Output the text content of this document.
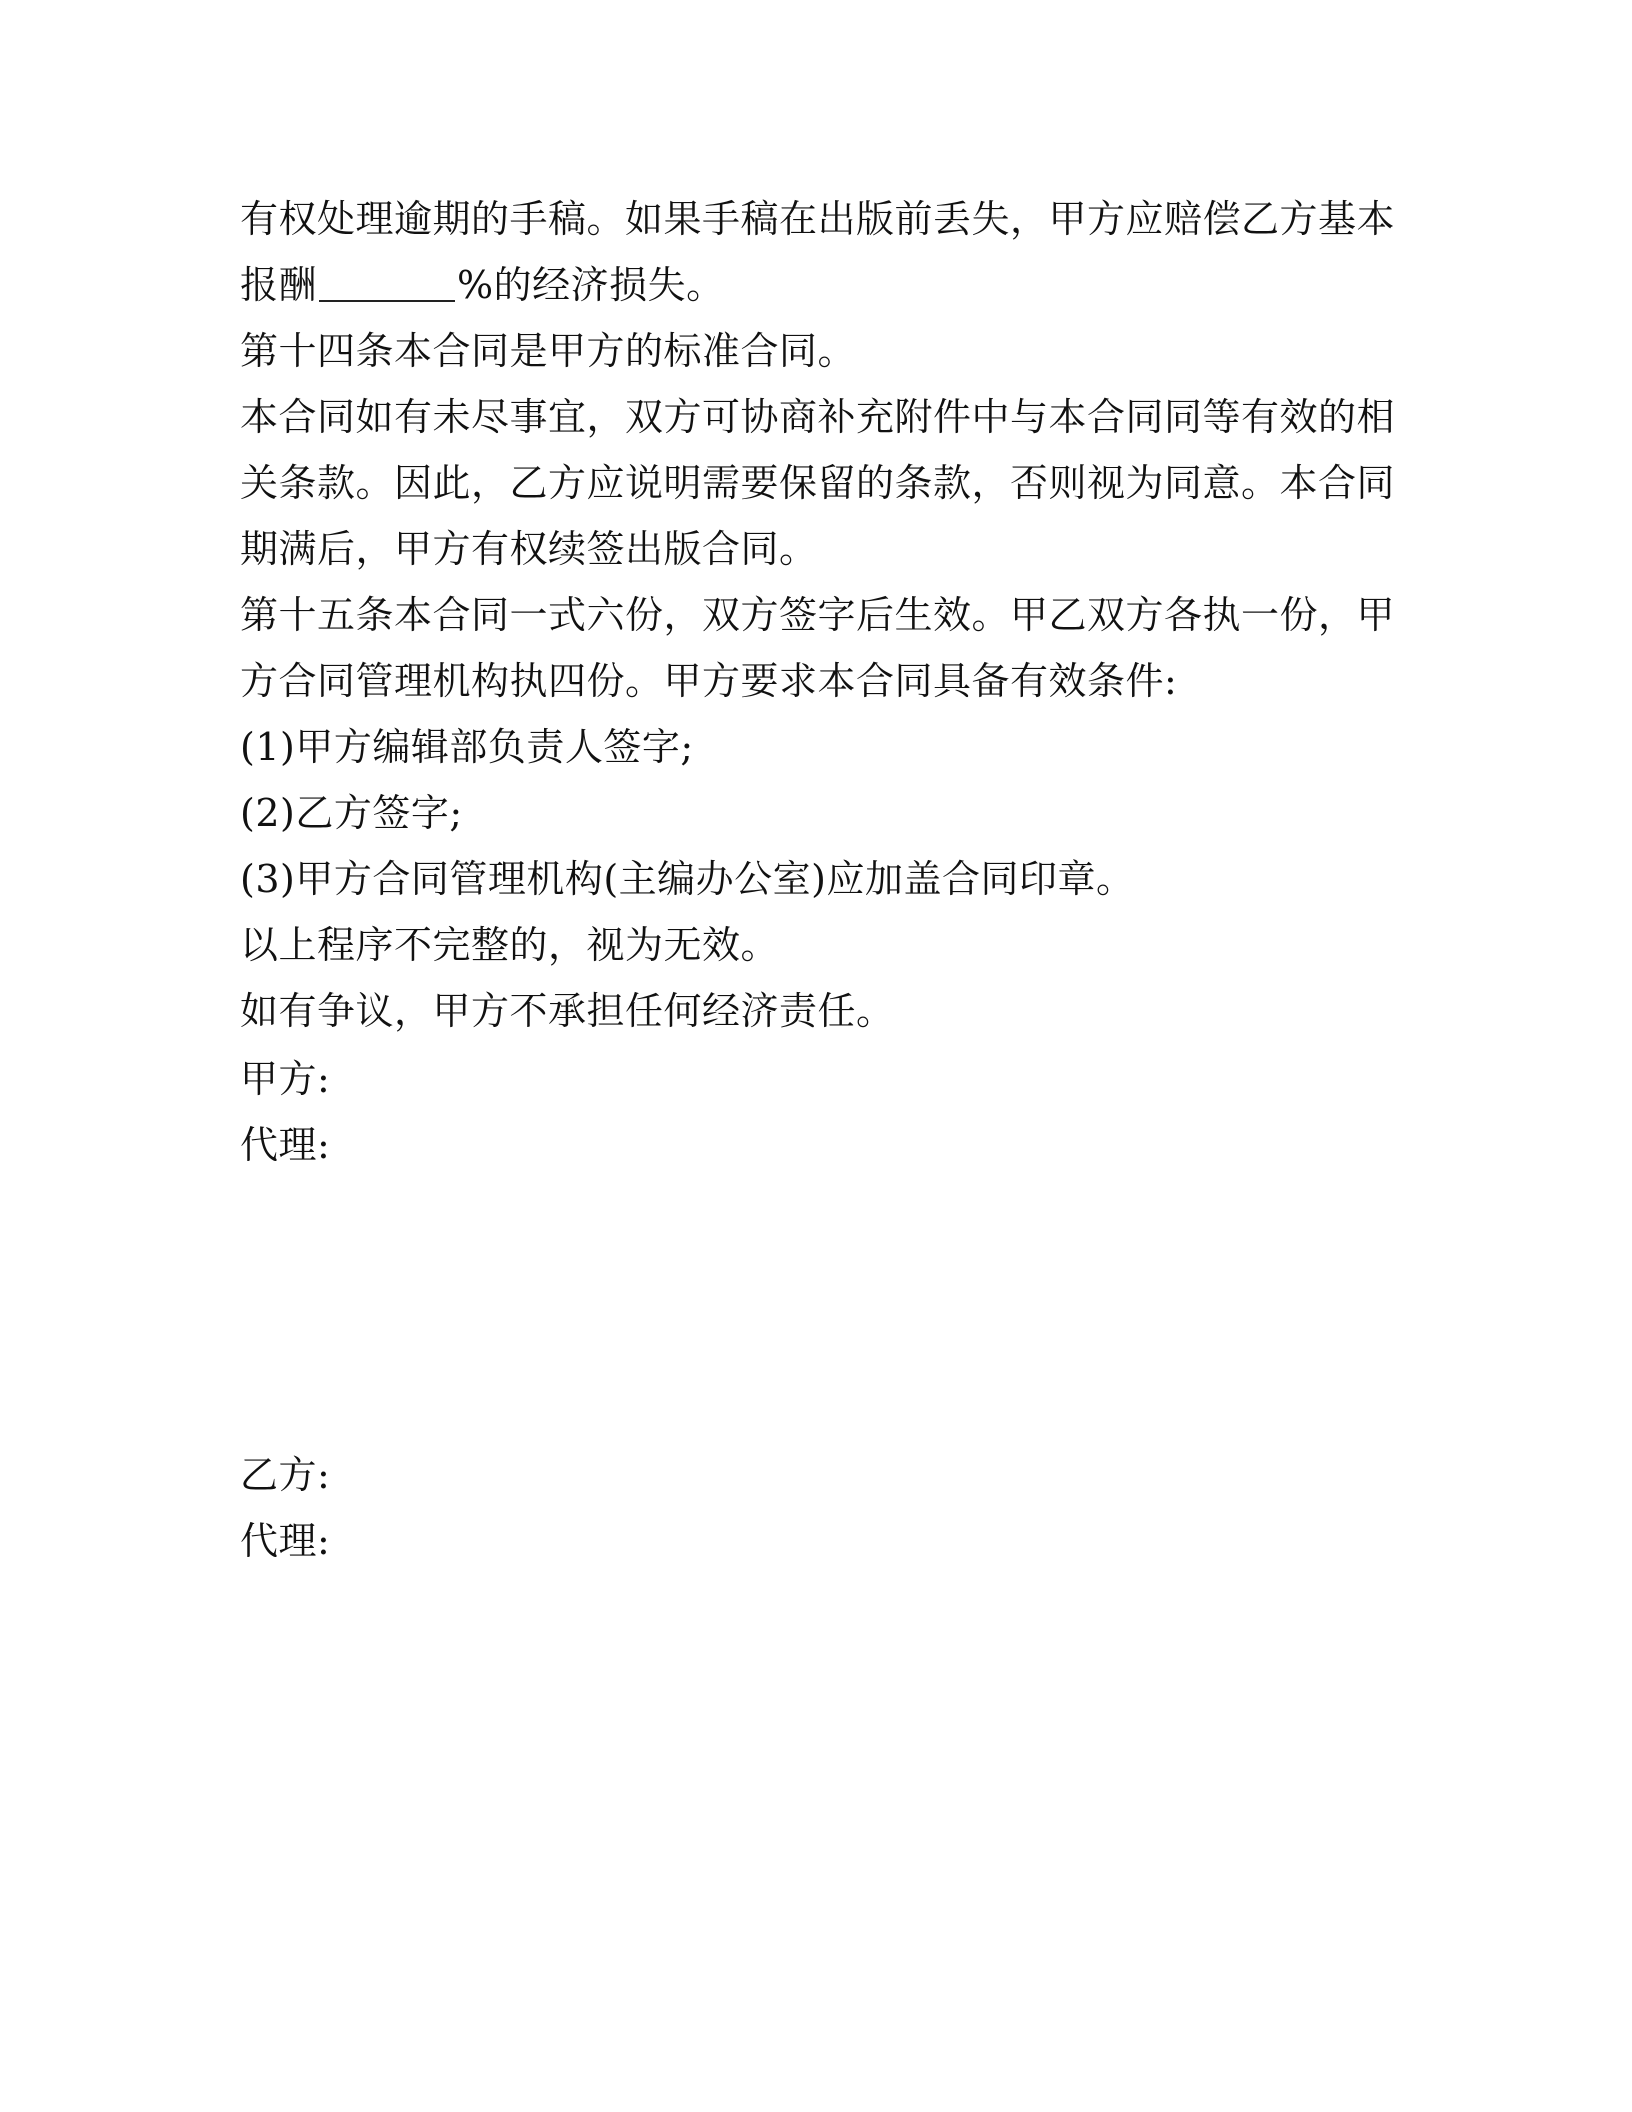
有权处理逾期的手稿。如果手稿在出版前丢失，甲方应赔偿乙方基本
报酬	%的经济损失。
第十四条本合同是甲方的标准合同。
本合同如有未尽事宜，双方可协商补充附件中与本合同同等有效的相
关条款。因此，乙方应说明需要保留的条款，否则视为同意。本合同
期满后，甲方有权续签出版合同。
第十五条本合同一式六份，双方签字后生效。甲乙双方各执一份，甲
方合同管理机构执四份。甲方要求本合同具备有效条件:
(1)甲方编辑部负责人签字;
(2)乙方签字;
(3)甲方合同管理机构(主编办公室)应加盖合同印章。
以上程序不完整的，视为无效。
如有争议，甲方不承担任何经济责任。
甲方:
代理:
乙方:
代理:
